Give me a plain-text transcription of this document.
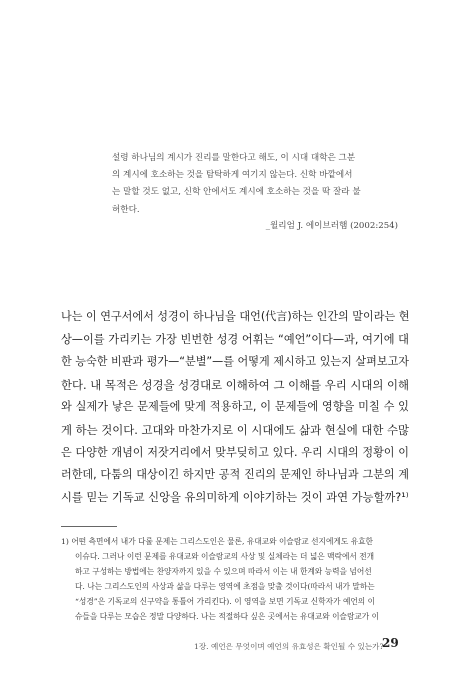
설령 하나님의 계시가 진리를 말한다고 해도, 이 시대 대학은 그분

의 계시에 호소하는 것을 탐탁하게 여기지 않는다. 신학 바깥에서

는 말할 것도 없고, 신학 안에서도 계시에 호소하는 것을 딱 잘라 불

허한다.

_윌리엄 J. 에이브러햄 (2002:254)
나는 이 연구서에서 성경이 하나님을 대언(代言)하는 인간의 말이라는 현
상—이를 가리키는 가장 빈번한 성경 어휘는 “예언”이다—과, 여기에 대
한 능숙한 비판과 평가—“분별”—를 어떻게 제시하고 있는지 살펴보고자
한다. 내 목적은 성경을 성경대로 이해하여 그 이해를 우리 시대의 이해
와 실제가 낳은 문제들에 맞게 적용하고, 이 문제들에 영향을 미칠 수 있
게 하는 것이다. 고대와 마찬가지로 이 시대에도 삶과 현실에 대한 수많
은 다양한 개념이 저잣거리에서 맞부딪히고 있다. 우리 시대의 정황이 이
러한데, 다툼의 대상이긴 하지만 공적 진리의 문제인 하나님과 그분의 계
시를 믿는 기독교 신앙을 유의미하게 이야기하는 것이 과연 가능할까?¹⁾
1) 어떤 측면에서 내가 다룰 문제는 그리스도인은 물론, 유대교와 이슬람교 선지에게도 유효한
이슈다. 그러나 이런 문제를 유대교와 이슬람교의 사상 및 실체라는 더 넓은 맥락에서 전개
하고 구성하는 방법에는 찬양자까지 있을 수 있으며 따라서 이는 내 한계와 능력을 넘어선
다. 나는 그리스도인의 사상과 삶을 다루는 영역에 초점을 맞출 것이다(따라서 내가 말하는
“성경”은 기독교의 신구약을 통틀어 가리킨다). 이 영역을 보면 기독교 신학자가 예언의 이
슈들을 다루는 모습은 정말 다양하다. 나는 적절하다 싶은 곳에서는 유대교와 이슬람교가 이
1장. 예언은 무엇이며 예언의 유효성은 확인될 수 있는가?
29
